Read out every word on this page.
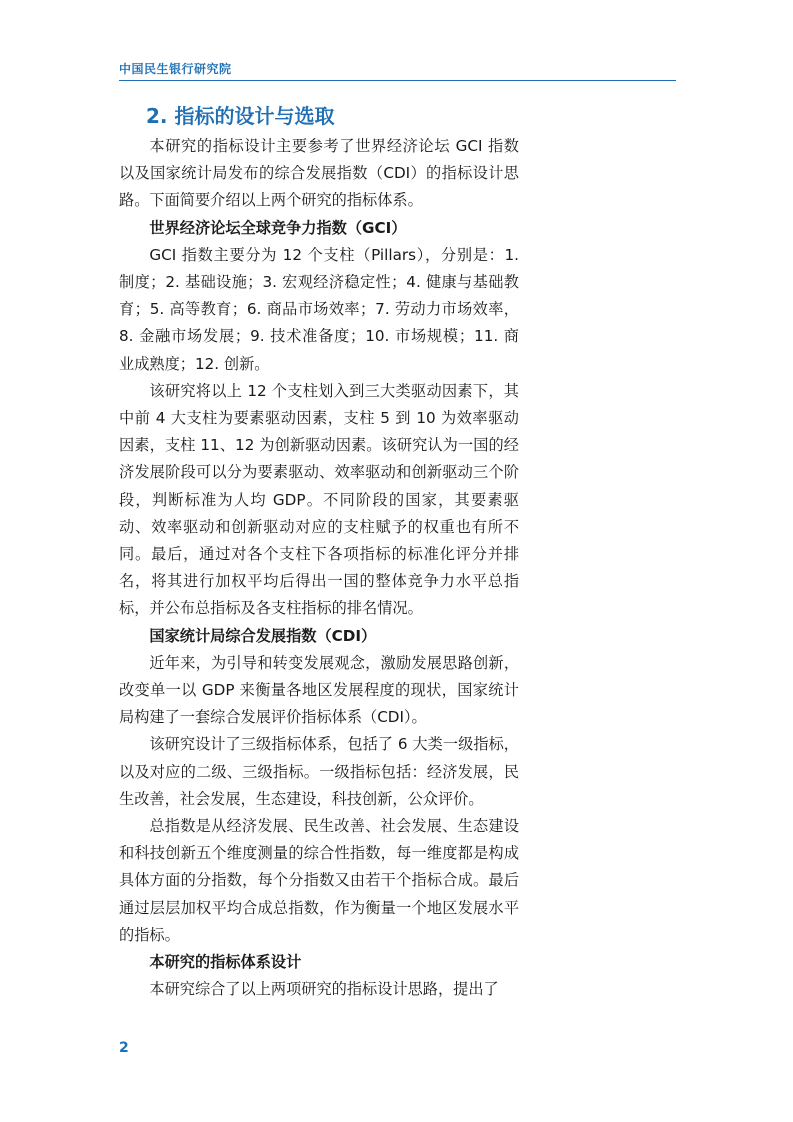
中国民生银行研究院
2. 指标的设计与选取

本研究的指标设计主要参考了世界经济论坛 GCI 指数以及国家统计局发布的综合发展指数（CDI）的指标设计思路。下面简要介绍以上两个研究的指标体系。

世界经济论坛全球竞争力指数（GCI）

GCI 指数主要分为 12 个支柱（Pillars），分别是：1. 制度；2. 基础设施；3. 宏观经济稳定性；4. 健康与基础教育；5. 高等教育；6. 商品市场效率；7. 劳动力市场效率，8. 金融市场发展；9. 技术准备度；10. 市场规模；11. 商业成熟度；12. 创新。

该研究将以上 12 个支柱划入到三大类驱动因素下，其中前 4 大支柱为要素驱动因素，支柱 5 到 10 为效率驱动因素，支柱 11、12 为创新驱动因素。该研究认为一国的经济发展阶段可以分为要素驱动、效率驱动和创新驱动三个阶段，判断标准为人均 GDP。不同阶段的国家，其要素驱动、效率驱动和创新驱动对应的支柱赋予的权重也有所不同。最后，通过对各个支柱下各项指标的标准化评分并排名，将其进行加权平均后得出一国的整体竞争力水平总指标，并公布总指标及各支柱指标的排名情况。

国家统计局综合发展指数（CDI）

近年来，为引导和转变发展观念，激励发展思路创新，改变单一以 GDP 来衡量各地区发展程度的现状，国家统计局构建了一套综合发展评价指标体系（CDI）。

该研究设计了三级指标体系，包括了 6 大类一级指标，以及对应的二级、三级指标。一级指标包括：经济发展，民生改善，社会发展，生态建设，科技创新，公众评价。

总指数是从经济发展、民生改善、社会发展、生态建设和科技创新五个维度测量的综合性指数，每一维度都是构成具体方面的分指数，每个分指数又由若干个指标合成。最后通过层层加权平均合成总指数，作为衡量一个地区发展水平的指标。

本研究的指标体系设计

本研究综合了以上两项研究的指标设计思路，提出了

2
